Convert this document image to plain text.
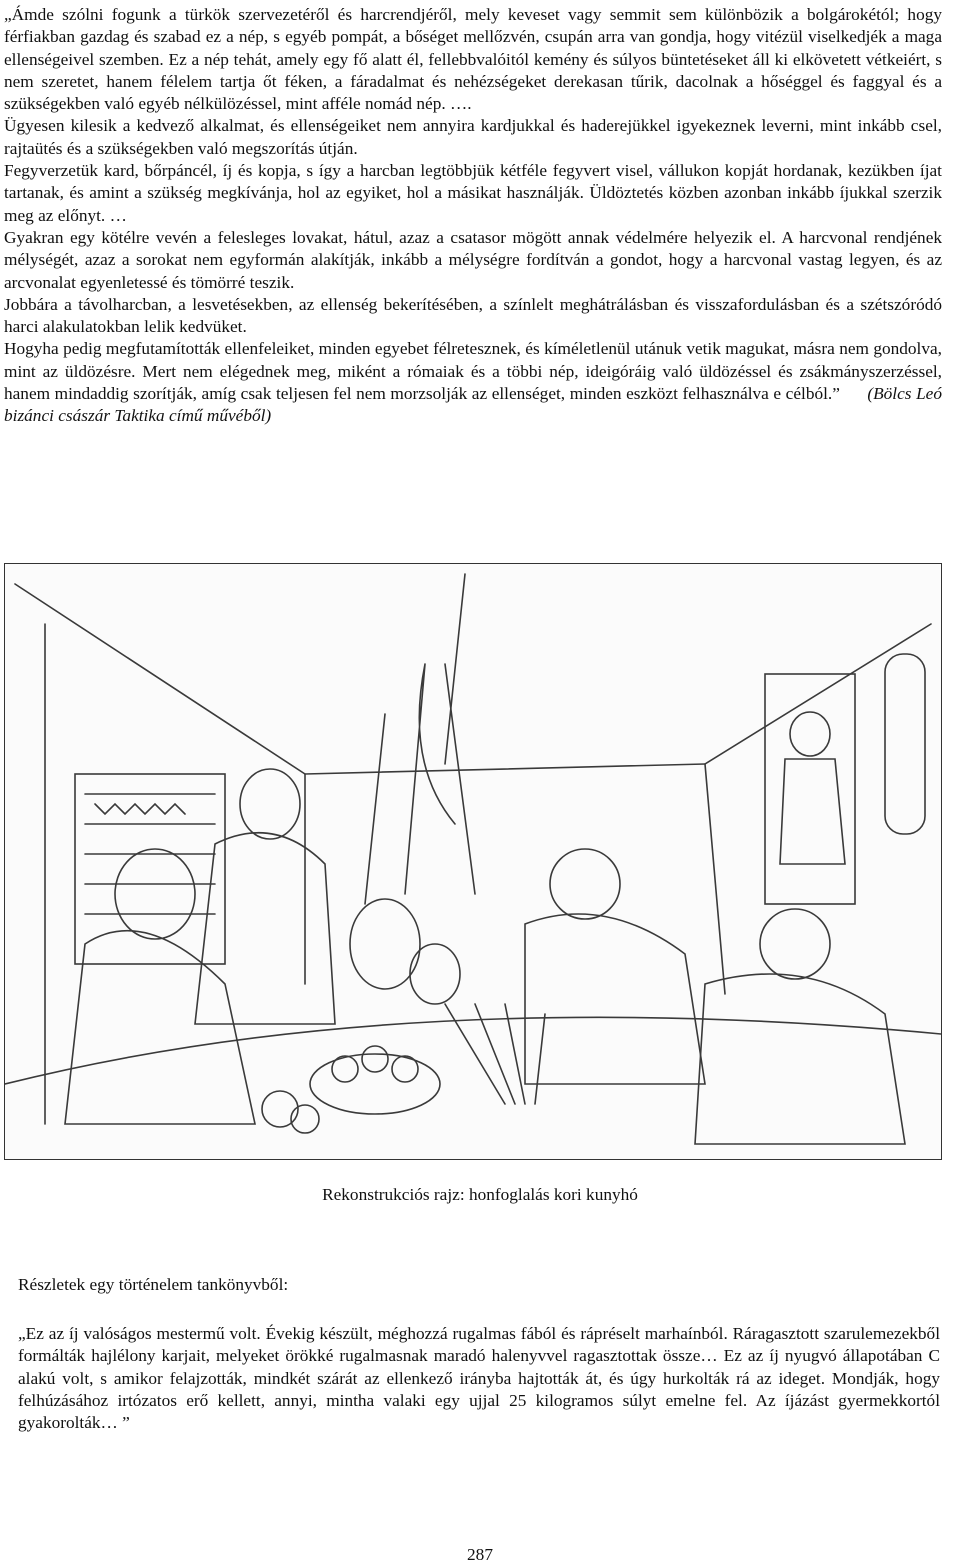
„Ámde szólni fogunk a türkök szervezetéről és harcrendjéről, mely keveset vagy semmit sem különbözik a bolgárokétól; hogy férfiakban gazdag és szabad ez a nép, s egyéb pompát, a bőséget mellőzvén, csupán arra van gondja, hogy vitézül viselkedjék a maga ellenségeivel szemben. Ez a nép tehát, amely egy fő alatt él, fellebbvalóitól kemény és súlyos büntetéseket áll ki elkövetett vétkeiért, s nem szeretet, hanem félelem tartja őt féken, a fáradalmat és nehézségeket derekasan tűrik, dacolnak a hőséggel és faggyal és a szükségekben való egyéb nélkülözéssel, mint afféle nomád nép. ….

Ügyesen kilesik a kedvező alkalmat, és ellenségeiket nem annyira kardjukkal és haderejükkel igyekeznek leverni, mint inkább csel, rajtaütés és a szükségekben való megszorítás útján.

Fegyverzetük kard, bőrpáncél, íj és kopja, s így a harcban legtöbbjük kétféle fegyvert visel, vállukon kopját hordanak, kezükben íjat tartanak, és amint a szükség megkívánja, hol az egyiket, hol a másikat használják. Üldöztetés közben azonban inkább íjukkal szerzik meg az előnyt. …

Gyakran egy kötélre vevén a felesleges lovakat, hátul, azaz a csatasor mögött annak védelmére helyezik el. A harcvonal rendjének mélységét, azaz a sorokat nem egyformán alakítják, inkább a mélységre fordítván a gondot, hogy a harcvonal vastag legyen, és az arcvonalat egyenletessé és tömörré teszik.

Jobbára a távolharcban, a lesvetésekben, az ellenség bekerítésében, a színlelt meghátrálásban és visszafordulásban és a szétszóródó harci alakulatokban lelik kedvüket.

Hogyha pedig megfutamították ellenfeleiket, minden egyebet félretesznek, és kíméletlenül utánuk vetik magukat, másra nem gondolva, mint az üldözésre. Mert nem elégednek meg, miként a rómaiak és a többi nép, ideigóráig való üldözéssel és zsákmányszerzéssel, hanem mindaddig szorítják, amíg csak teljesen fel nem morzsolják az ellenséget, minden eszközt felhasználva e célból.” (Bölcs Leó bizánci császár Taktika című művéből)

Rekonstrukciós rajz: honfoglalás kori kunyhó
Részletek egy történelem tankönyvből:
„Ez az íj valóságos mestermű volt. Évekig készült, méghozzá rugalmas fából és rápréselt marhaínból. Ráragasztott szarulemezekből formálták hajlélony karjait, melyeket örökké rugalmasnak maradó halenyvvel ragasztottak össze… Ez az íj nyugvó állapotában C alakú volt, s amikor felajzották, mindkét szárát az ellenkező irányba hajtották át, és úgy hurkolták rá az ideget. Mondják, hogy felhúzásához irtózatos erő kellett, annyi, mintha valaki egy ujjal 25 kilogramos súlyt emelne fel. Az íjázást gyermekkortól gyakorolták… ”
287
